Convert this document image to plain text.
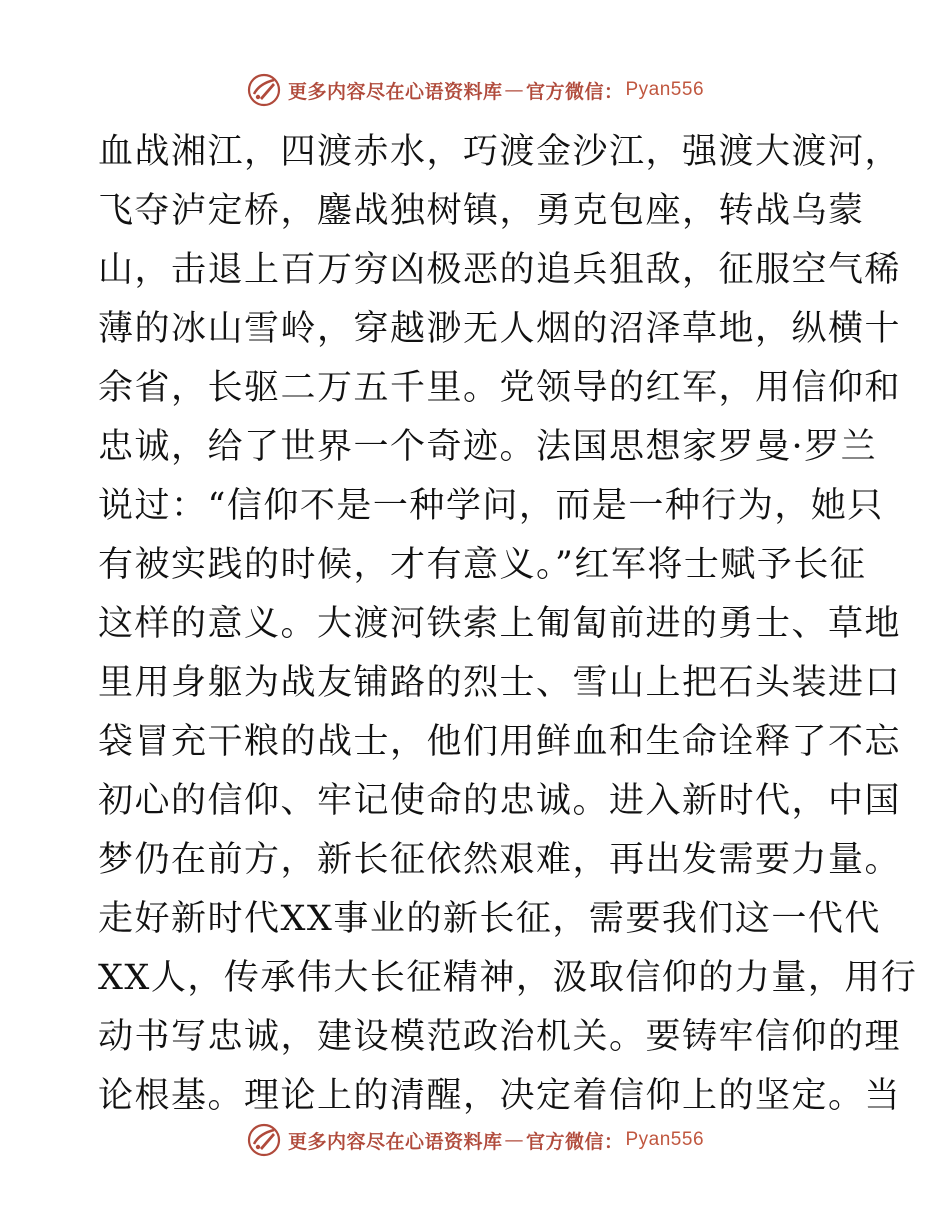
更多内容尽在心语资料库 — 官方微信： Pyan556
血战湘江，四渡赤水，巧渡金沙江，强渡大渡河，
飞夺泸定桥，鏖战独树镇，勇克包座，转战乌蒙
山，击退上百万穷凶极恶的追兵狙敌，征服空气稀
薄的冰山雪岭，穿越渺无人烟的沼泽草地，纵横十
余省，长驱二万五千里。党领导的红军，用信仰和
忠诚，给了世界一个奇迹。法国思想家罗曼·罗兰
说过：“信仰不是一种学问，而是一种行为，她只
有被实践的时候，才有意义。”红军将士赋予长征
这样的意义。大渡河铁索上匍匐前进的勇士、草地
里用身躯为战友铺路的烈士、雪山上把石头装进口
袋冒充干粮的战士，他们用鲜血和生命诠释了不忘
初心的信仰、牢记使命的忠诚。进入新时代，中国
梦仍在前方，新长征依然艰难，再出发需要力量。
走好新时代XX事业的新长征，需要我们这一代代
XX人，传承伟大长征精神，汲取信仰的力量，用行
动书写忠诚，建设模范政治机关。要铸牢信仰的理
论根基。理论上的清醒，决定着信仰上的坚定。当
更多内容尽在心语资料库 — 官方微信： Pyan556
